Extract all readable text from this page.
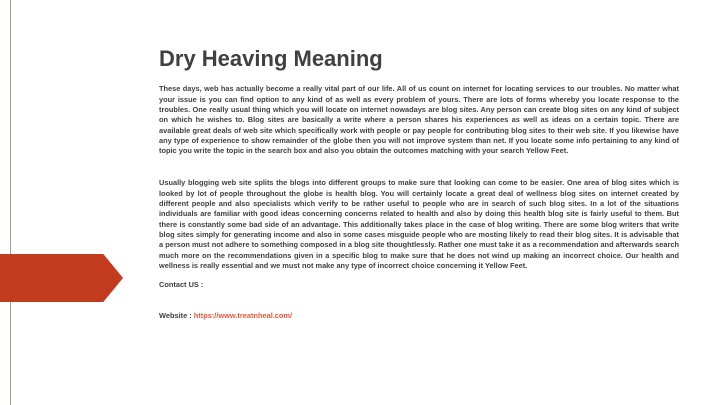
Dry Heaving Meaning

These days, web has actually become a really vital part of our life. All of us count on internet for locating services to our troubles. No matter what your issue is you can find option to any kind of as well as every problem of yours. There are lots of forms whereby you locate response to the troubles. One really usual thing which you will locate on internet nowadays are blog sites. Any person can create blog sites on any kind of subject on which he wishes to. Blog sites are basically a write where a person shares his experiences as well as ideas on a certain topic. There are available great deals of web site which specifically work with people or pay people for contributing blog sites to their web site. If you likewise have any type of experience to show remainder of the globe then you will not improve system than net. If you locate some info pertaining to any kind of topic you write the topic in the search box and also you obtain the outcomes matching with your search Yellow Feet.

Usually blogging web site splits the blogs into different groups to make sure that looking can come to be easier. One area of blog sites which is looked by lot of people throughout the globe is health blog. You will certainly locate a great deal of wellness blog sites on internet created by different people and also specialists which verify to be rather useful to people who are in search of such blog sites. In a lot of the situations individuals are familiar with good ideas concerning concerns related to health and also by doing this health blog site is fairly useful to them. But there is constantly some bad side of an advantage. This additionally takes place in the case of blog writing. There are some blog writers that write blog sites simply for generating income and also in some cases misguide people who are mosting likely to read their blog sites. It is advisable that a person must not adhere to something composed in a blog site thoughtlessly. Rather one must take it as a recommendation and afterwards search much more on the recommendations given in a specific blog to make sure that he does not wind up making an incorrect choice. Our health and wellness is really essential and we must not make any type of incorrect choice concerning it Yellow Feet.

Contact US :

Website : https://www.treatnheal.com/
